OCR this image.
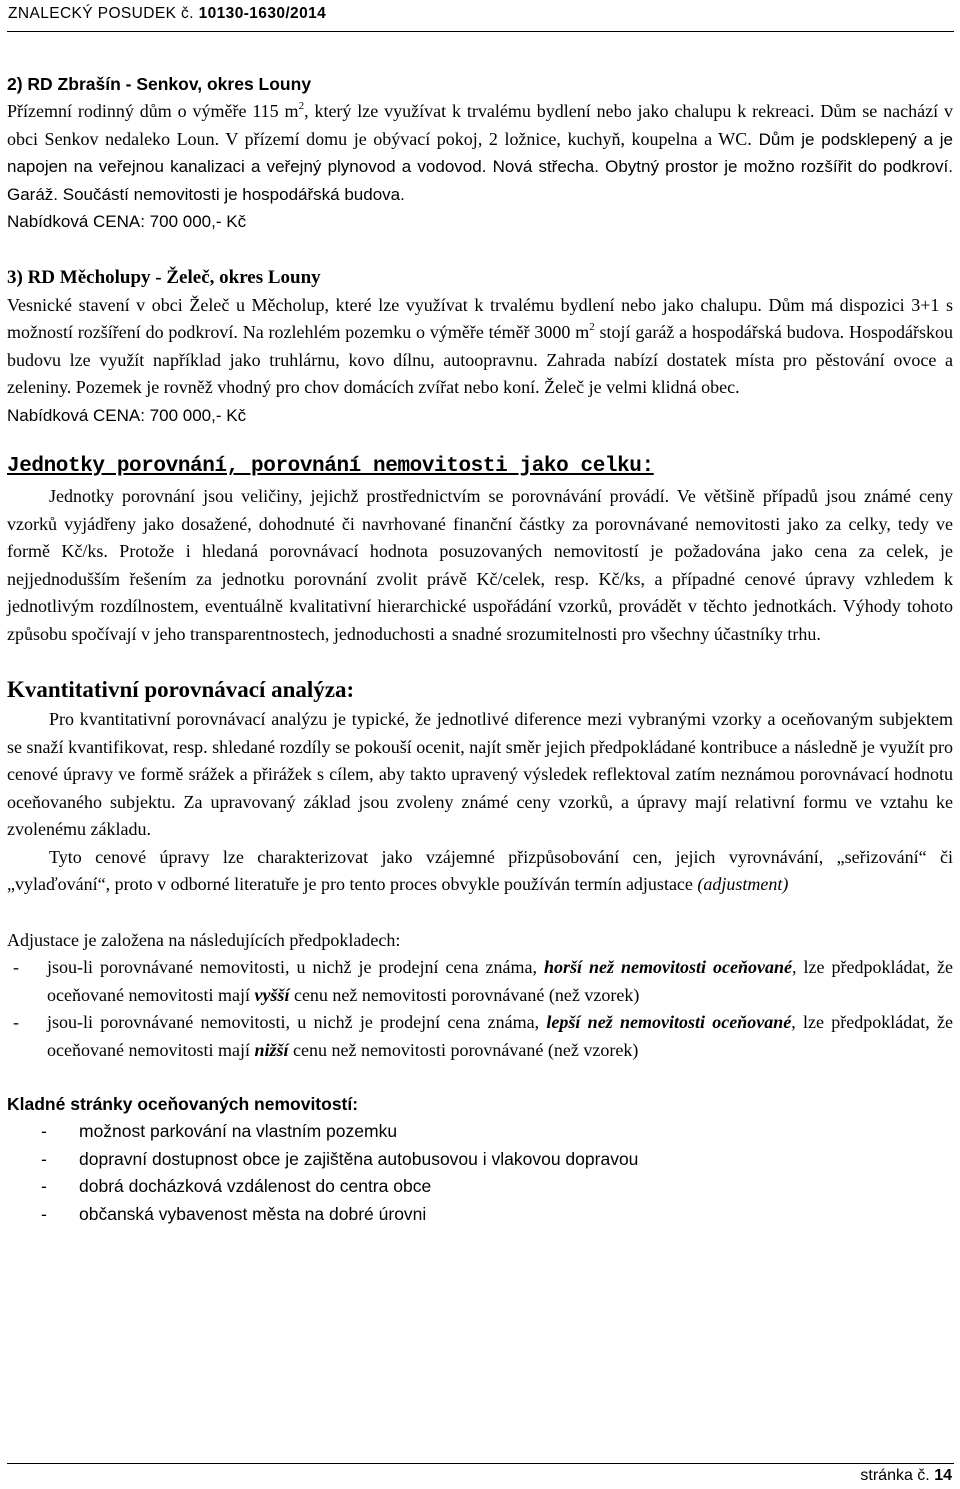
ZNALECKÝ POSUDEK č. 10130-1630/2014
2) RD Zbrašín - Senkov, okres Louny

Přízemní rodinný dům o výměře 115 $m^2$, který lze využívat k trvalému bydlení nebo jako chalupu k rekreaci. Dům se nachází v obci Senkov nedaleko Loun. V přízemí domu je obývací pokoj, 2 ložnice, kuchyň, koupelna a WC. Dům je podsklepený a je napojen na veřejnou kanalizaci a veřejný plynovod a vodovod. Nová střecha. Obytný prostor je možno rozšířit do podkroví. Garáž. Součástí nemovitosti je hospodářská budova.

Nabídková CENA: 700 000,- Kč

3) RD Měcholupy - Želeč, okres Louny

Vesnické stavení v obci Želeč u Měcholup, které lze využívat k trvalému bydlení nebo jako chalupu. Dům má dispozici 3+1 s možností rozšíření do podkroví. Na rozlehlém pozemku o výměře téměř 3000 $m^2$ stojí garáž a hospodářská budova. Hospodářskou budovu lze využít například jako truhlárnu, kovo dílnu, autoopravnu. Zahrada nabízí dostatek místa pro pěstování ovoce a zeleniny. Pozemek je rovněž vhodný pro chov domácích zvířat nebo koní. Želeč je velmi klidná obec.

Nabídková CENA: 700 000,- Kč

Jednotky porovnání, porovnání nemovitosti jako celku:

Jednotky porovnání jsou veličiny, jejichž prostřednictvím se porovnávání provádí. Ve většině případů jsou známé ceny vzorků vyjádřeny jako dosažené, dohodnuté či navrhované finanční částky za porovnávané nemovitosti jako za celky, tedy ve formě Kč/ks. Protože i hledaná porovnávací hodnota posuzovaných nemovitostí je požadována jako cena za celek, je nejjednodušším řešením za jednotku porovnání zvolit právě Kč/celek, resp. Kč/ks, a případné cenové úpravy vzhledem k jednotlivým rozdílnostem, eventuálně kvalitativní hierarchické uspořádání vzorků, provádět v těchto jednotkách. Výhody tohoto způsobu spočívají v jeho transparentnostech, jednoduchosti a snadné srozumitelnosti pro všechny účastníky trhu.

Kvantitativní porovnávací analýza:

Pro kvantitativní porovnávací analýzu je typické, že jednotlivé diference mezi vybranými vzorky a oceňovaným subjektem se snaží kvantifikovat, resp. shledané rozdíly se pokouší ocenit, najít směr jejich předpokládané kontribuce a následně je využít pro cenové úpravy ve formě srážek a přirážek s cílem, aby takto upravený výsledek reflektoval zatím neznámou porovnávací hodnotu oceňovaného subjektu. Za upravovaný základ jsou zvoleny známé ceny vzorků, a úpravy mají relativní formu ve vztahu ke zvolenému základu.

Tyto cenové úpravy lze charakterizovat jako vzájemné přizpůsobování cen, jejich vyrovnávání, „seřizování“ či „vylaďování“, proto v odborné literatuře je pro tento proces obvykle používán termín adjustace (adjustment)

Adjustace je založena na následujících předpokladech:

- jsou-li porovnávané nemovitosti, u nichž je prodejní cena známa, horší než nemovitosti oceňované, lze předpokládat, že oceňované nemovitosti mají vyšší cenu než nemovitosti porovnávané (než vzorek)
- jsou-li porovnávané nemovitosti, u nichž je prodejní cena známa, lepší než nemovitosti oceňované, lze předpokládat, že oceňované nemovitosti mají nižší cenu než nemovitosti porovnávané (než vzorek)
Kladné stránky oceňovaných nemovitostí:
- možnost parkování na vlastním pozemku
- dopravní dostupnost obce je zajištěna autobusovou i vlakovou dopravou
- dobrá docházková vzdálenost do centra obce
- občanská vybavenost města na dobré úrovni
stránka č. 14
